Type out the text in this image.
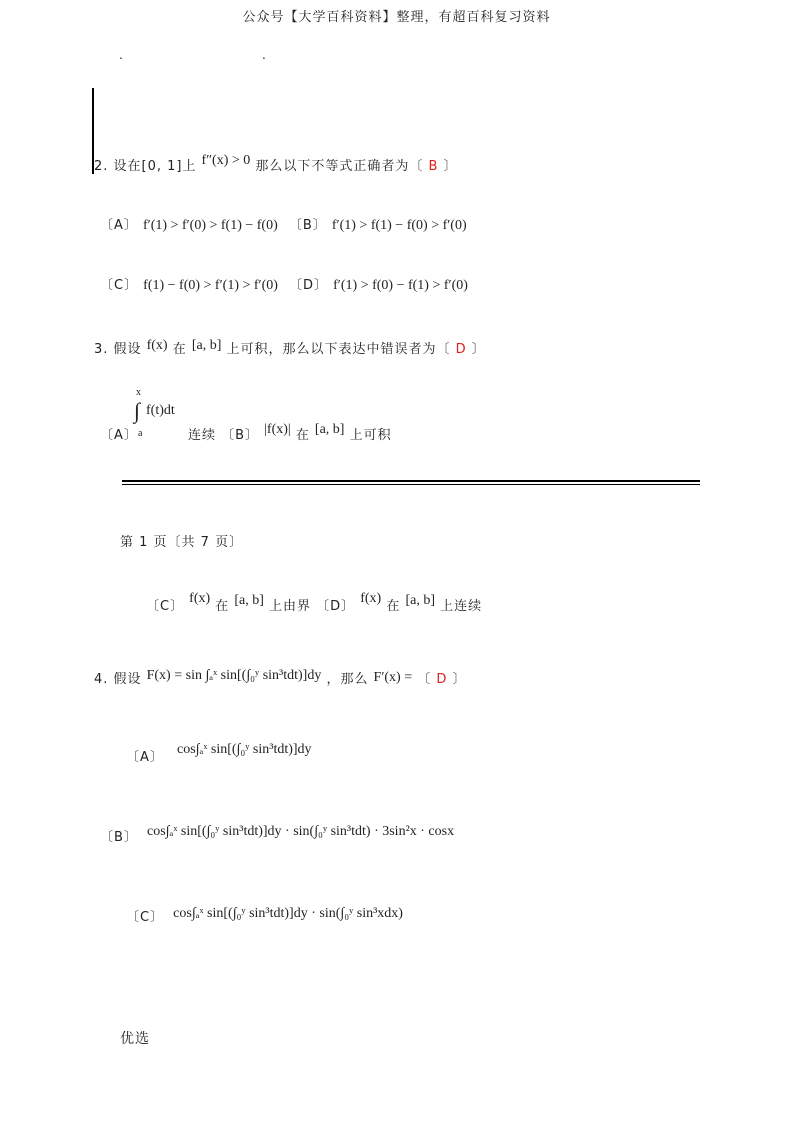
公众号【大学百科资料】整理，有超百科复习资料
.	.
2. 设在[0, 1]上 f″(x) > 0 那么以下不等式正确者为〔 B 〕
〔A〕 f′(1) > f′(0) > f(1) − f(0) 〔B〕 f′(1) > f(1) − f(0) > f′(0)
〔C〕 f(1) − f(0) > f′(1) > f′(0) 〔D〕 f′(1) > f(0) − f(1) > f′(0)
3. 假设 f(x) 在 [a, b] 上可积，那么以下表达中错误者为〔 D 〕
〔A〕
x
∫ f(t)dt
a	连续 〔B〕 |f(x)| 在 [a, b] 上可积
第 1 页〔共 7 页〕
〔C〕 f(x) 在 [a, b] 上由界 〔D〕 f(x) 在 [a, b] 上连续
4. 假设 F(x) = sin ∫ₐˣ sin[(∫₀ʸ sin³tdt)]dy ，那么 F′(x) = 〔 D 〕
〔A〕 cos∫ₐˣ sin[(∫₀ʸ sin³tdt)]dy
〔B〕 cos∫ₐˣ sin[(∫₀ʸ sin³tdt)]dy · sin(∫₀ʸ sin³tdt) · 3sin²x · cosx
〔C〕 cos∫ₐˣ sin[(∫₀ʸ sin³tdt)]dy · sin(∫₀ʸ sin³xdx)
优选
